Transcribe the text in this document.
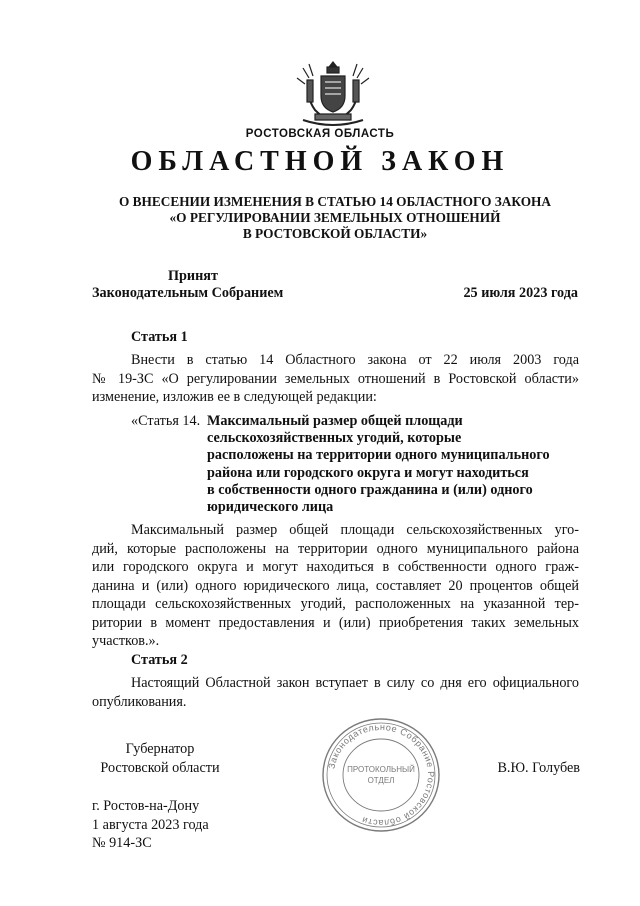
РОСТОВСКАЯ ОБЛАСТЬ
ОБЛАСТНОЙ ЗАКОН
О ВНЕСЕНИИ ИЗМЕНЕНИЯ В СТАТЬЮ 14 ОБЛАСТНОГО ЗАКОНА
«О РЕГУЛИРОВАНИИ ЗЕМЕЛЬНЫХ ОТНОШЕНИЙ
В РОСТОВСКОЙ ОБЛАСТИ»
Принят
Законодательным Собранием	25 июля 2023 года
Статья 1
Внести в статью 14 Областного закона от 22 июля 2003 года
№ 19-ЗС «О регулировании земельных отношений в Ростовской области»
изменение, изложив ее в следующей редакции:
«Статья 14. Максимальный размер общей площади
сельскохозяйственных угодий, которые
расположены на территории одного муниципального
района или городского округа и могут находиться
в собственности одного гражданина и (или) одного
юридического лица
Максимальный размер общей площади сельскохозяйственных уго-
дий, которые расположены на территории одного муниципального района
или городского округа и могут находиться в собственности одного граж-
данина и (или) одного юридического лица, составляет 20 процентов общей
площади сельскохозяйственных угодий, расположенных на указанной тер-
ритории в момент предоставления и (или) приобретения таких земельных
участков.».
Статья 2
Настоящий Областной закон вступает в силу со дня его официального
опубликования.
Губернатор
Ростовской области	Законодательное Собрание Ростовской области
ПРОТОКОЛЬНЫЙ
ОТДЕЛ
В.Ю. Голубев
г. Ростов-на-Дону
1 августа 2023 года
№ 914-ЗС
